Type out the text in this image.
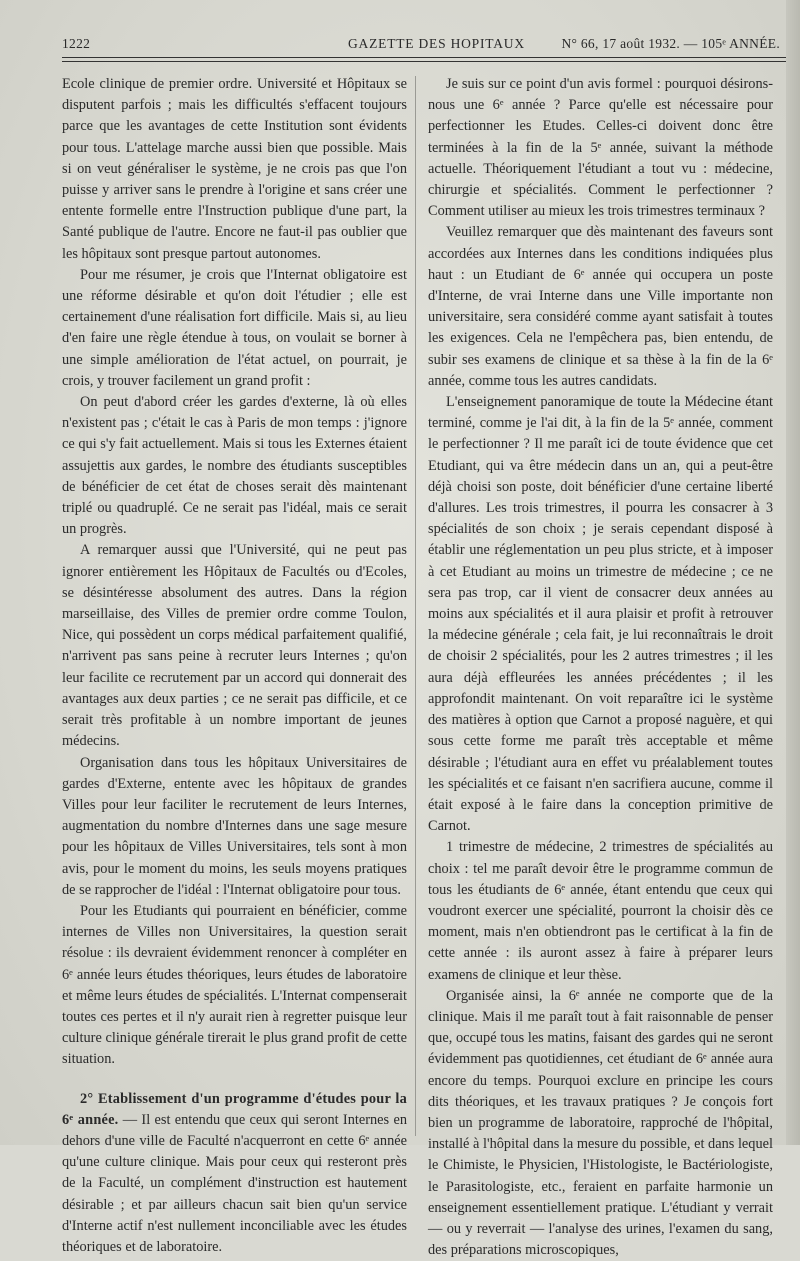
1222	GAZETTE DES HOPITAUX	N° 66, 17 août 1932. — 105ᵉ ANNÉE.

Ecole clinique de premier ordre. Université et Hôpitaux se disputent parfois ; mais les difficultés s'effacent toujours parce que les avantages de cette Institution sont évidents pour tous. L'attelage marche aussi bien que possible. Mais si on veut généraliser le système, je ne crois pas que l'on puisse y arriver sans le prendre à l'origine et sans créer une entente formelle entre l'Instruction publique d'une part, la Santé publique de l'autre. Encore ne faut-il pas oublier que les hôpitaux sont presque partout autonomes.

Pour me résumer, je crois que l'Internat obligatoire est une réforme désirable et qu'on doit l'étudier ; elle est certainement d'une réalisation fort difficile. Mais si, au lieu d'en faire une règle étendue à tous, on voulait se borner à une simple amélioration de l'état actuel, on pourrait, je crois, y trouver facilement un grand profit :

On peut d'abord créer les gardes d'externe, là où elles n'existent pas ; c'était le cas à Paris de mon temps : j'ignore ce qui s'y fait actuellement. Mais si tous les Externes étaient assujettis aux gardes, le nombre des étudiants susceptibles de bénéficier de cet état de choses serait dès maintenant triplé ou quadruplé. Ce ne serait pas l'idéal, mais ce serait un progrès.

A remarquer aussi que l'Université, qui ne peut pas ignorer entièrement les Hôpitaux de Facultés ou d'Ecoles, se désintéresse absolument des autres. Dans la région marseillaise, des Villes de premier ordre comme Toulon, Nice, qui possèdent un corps médical parfaitement qualifié, n'arrivent pas sans peine à recruter leurs Internes ; qu'on leur facilite ce recrutement par un accord qui donnerait des avantages aux deux parties ; ce ne serait pas difficile, et ce serait très profitable à un nombre important de jeunes médecins.

Organisation dans tous les hôpitaux Universitaires de gardes d'Externe, entente avec les hôpitaux de grandes Villes pour leur faciliter le recrutement de leurs Internes, augmentation du nombre d'Internes dans une sage mesure pour les hôpitaux de Villes Universitaires, tels sont à mon avis, pour le moment du moins, les seuls moyens pratiques de se rapprocher de l'idéal : l'Internat obligatoire pour tous.

Pour les Etudiants qui pourraient en bénéficier, comme internes de Villes non Universitaires, la question serait résolue : ils devraient évidemment renoncer à compléter en 6ᵉ année leurs études théoriques, leurs études de laboratoire et même leurs études de spécialités. L'Internat compenserait toutes ces pertes et il n'y aurait rien à regretter puisque leur culture clinique générale tirerait le plus grand profit de cette situation.

2° Etablissement d'un programme d'études pour la 6ᵉ année. — Il est entendu que ceux qui seront Internes en dehors d'une ville de Faculté n'acquerront en cette 6ᵉ année qu'une culture clinique. Mais pour ceux qui resteront près de la Faculté, un complément d'instruction est hautement désirable ; et par ailleurs chacun sait bien qu'un service d'Interne actif n'est nullement inconciliable avec les études théoriques et de laboratoire.

Je suis sur ce point d'un avis formel : pourquoi désirons-nous une 6ᵉ année ? Parce qu'elle est nécessaire pour perfectionner les Etudes. Celles-ci doivent donc être terminées à la fin de la 5ᵉ année, suivant la méthode actuelle. Théoriquement l'étudiant a tout vu : médecine, chirurgie et spécialités. Comment le perfectionner ? Comment utiliser au mieux les trois trimestres terminaux ?

Veuillez remarquer que dès maintenant des faveurs sont accordées aux Internes dans les conditions indiquées plus haut : un Etudiant de 6ᵉ année qui occupera un poste d'Interne, de vrai Interne dans une Ville importante non universitaire, sera considéré comme ayant satisfait à toutes les exigences. Cela ne l'empêchera pas, bien entendu, de subir ses examens de clinique et sa thèse à la fin de la 6ᵉ année, comme tous les autres candidats.

L'enseignement panoramique de toute la Médecine étant terminé, comme je l'ai dit, à la fin de la 5ᵉ année, comment le perfectionner ? Il me paraît ici de toute évidence que cet Etudiant, qui va être médecin dans un an, qui a peut-être déjà choisi son poste, doit bénéficier d'une certaine liberté d'allures. Les trois trimestres, il pourra les consacrer à 3 spécialités de son choix ; je serais cependant disposé à établir une réglementation un peu plus stricte, et à imposer à cet Etudiant au moins un trimestre de médecine ; ce ne sera pas trop, car il vient de consacrer deux années au moins aux spécialités et il aura plaisir et profit à retrouver la médecine générale ; cela fait, je lui reconnaîtrais le droit de choisir 2 spécialités, pour les 2 autres trimestres ; il les aura déjà effleurées les années précédentes ; il les approfondit maintenant. On voit reparaître ici le système des matières à option que Carnot a proposé naguère, et qui sous cette forme me paraît très acceptable et même désirable ; l'étudiant aura en effet vu préalablement toutes les spécialités et ce faisant n'en sacrifiera aucune, comme il était exposé à le faire dans la conception primitive de Carnot.

1 trimestre de médecine, 2 trimestres de spécialités au choix : tel me paraît devoir être le programme commun de tous les étudiants de 6ᵉ année, étant entendu que ceux qui voudront exercer une spécialité, pourront la choisir dès ce moment, mais n'en obtiendront pas le certificat à la fin de cette année : ils auront assez à faire à préparer leurs examens de clinique et leur thèse.

Organisée ainsi, la 6ᵉ année ne comporte que de la clinique. Mais il me paraît tout à fait raisonnable de penser que, occupé tous les matins, faisant des gardes qui ne seront évidemment pas quotidiennes, cet étudiant de 6ᵉ année aura encore du temps. Pourquoi exclure en principe les cours dits théoriques, et les travaux pratiques ? Je conçois fort bien un programme de laboratoire, rapproché de l'hôpital, installé à l'hôpital dans la mesure du possible, et dans lequel le Chimiste, le Physicien, l'Histologiste, le Bactériologiste, le Parasitologiste, etc., feraient en parfaite harmonie un enseignement essentiellement pratique. L'étudiant y verrait — ou y reverrait — l'analyse des urines, l'examen du sang, des préparations microscopiques,
